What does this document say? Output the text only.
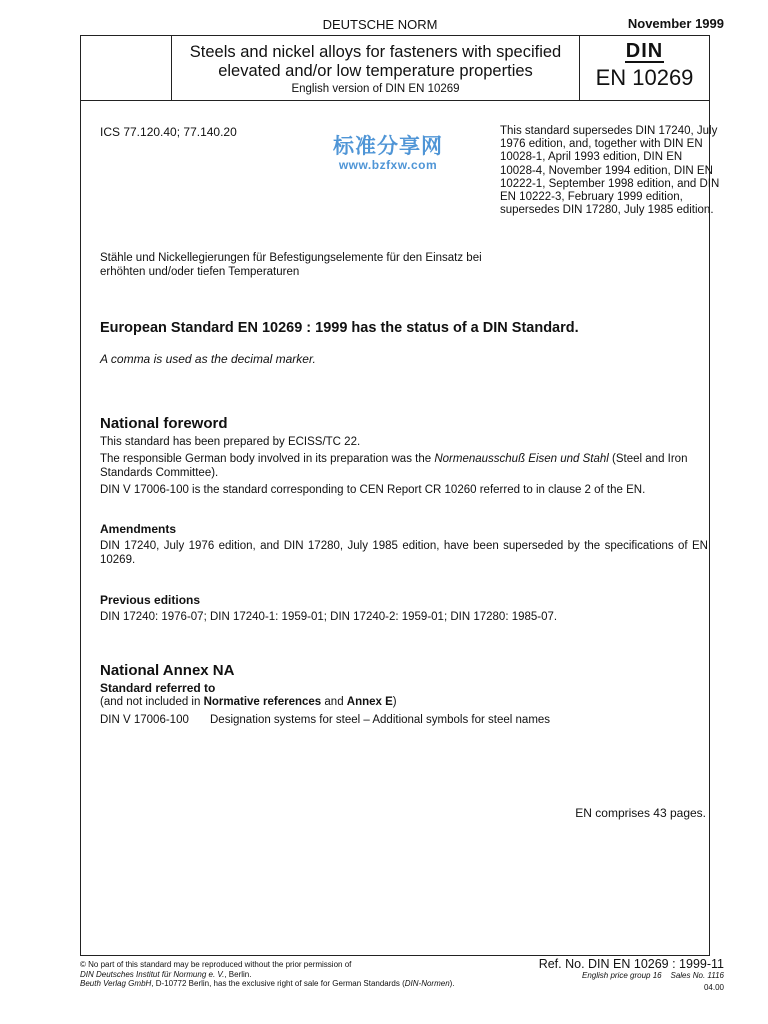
DEUTSCHE NORM	November 1999
Steels and nickel alloys for fasteners with specified elevated and/or low temperature properties
English version of DIN EN 10269
DIN
EN 10269
ICS 77.120.40; 77.140.20	This standard supersedes DIN 17240, July 1976 edition, and, together with DIN EN 10028-1, April 1993 edition, DIN EN 10028-4, November 1994 edition, DIN EN 10222-1, September 1998 edition, and DIN EN 10222-3, February 1999 edition, supersedes DIN 17280, July 1985 edition.
标准分享网
www.bzfxw.com
Stähle und Nickellegierungen für Befestigungselemente für den Einsatz bei erhöhten und/oder tiefen Temperaturen
European Standard EN 10269 : 1999 has the status of a DIN Standard.
A comma is used as the decimal marker.
National foreword
This standard has been prepared by ECISS/TC 22.
The responsible German body involved in its preparation was the Normenausschuß Eisen und Stahl (Steel and Iron Standards Committee).
DIN V 17006-100 is the standard corresponding to CEN Report CR 10260 referred to in clause 2 of the EN.
Amendments
DIN 17240, July 1976 edition, and DIN 17280, July 1985 edition, have been superseded by the specifications of EN 10269.
Previous editions
DIN 17240: 1976-07; DIN 17240-1: 1959-01; DIN 17240-2: 1959-01; DIN 17280: 1985-07.
National Annex NA
Standard referred to
(and not included in Normative references and Annex E)
DIN V 17006-100 Designation systems for steel – Additional symbols for steel names
EN comprises 43 pages.
© No part of this standard may be reproduced without the prior permission of
DIN Deutsches Institut für Normung e. V., Berlin.
Beuth Verlag GmbH, D-10772 Berlin, has the exclusive right of sale for German Standards (DIN-Normen).
Ref. No. DIN EN 10269 : 1999-11
English price group 16 Sales No. 1116
04.00
